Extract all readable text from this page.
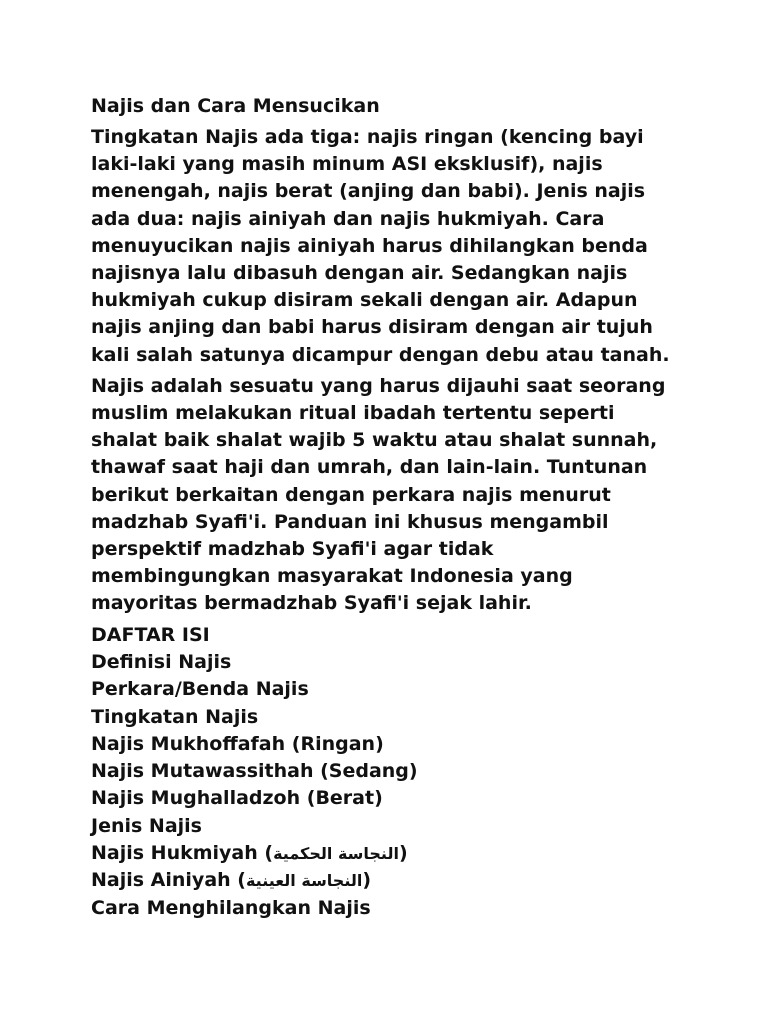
Najis dan Cara Mensucikan
Tingkatan Najis ada tiga: najis ringan (kencing bayi
laki-laki yang masih minum ASI eksklusif), najis
menengah, najis berat (anjing dan babi). Jenis najis
ada dua: najis ainiyah dan najis hukmiyah. Cara
menuyucikan najis ainiyah harus dihilangkan benda
najisnya lalu dibasuh dengan air. Sedangkan najis
hukmiyah cukup disiram sekali dengan air. Adapun
najis anjing dan babi harus disiram dengan air tujuh
kali salah satunya dicampur dengan debu atau tanah.
Najis adalah sesuatu yang harus dijauhi saat seorang
muslim melakukan ritual ibadah tertentu seperti
shalat baik shalat wajib 5 waktu atau shalat sunnah,
thawaf saat haji dan umrah, dan lain-lain. Tuntunan
berikut berkaitan dengan perkara najis menurut
madzhab Syafi'i. Panduan ini khusus mengambil
perspektif madzhab Syafi'i agar tidak
membingungkan masyarakat Indonesia yang
mayoritas bermadzhab Syafi'i sejak lahir.
DAFTAR ISI
Definisi Najis
Perkara/Benda Najis
Tingkatan Najis
Najis Mukhoffafah (Ringan)
Najis Mutawassithah (Sedang)
Najis Mughalladzoh (Berat)
Jenis Najis
Najis Hukmiyah (النجاسة الحكمية)
Najis Ainiyah (النجاسة العينية)
Cara Menghilangkan Najis
